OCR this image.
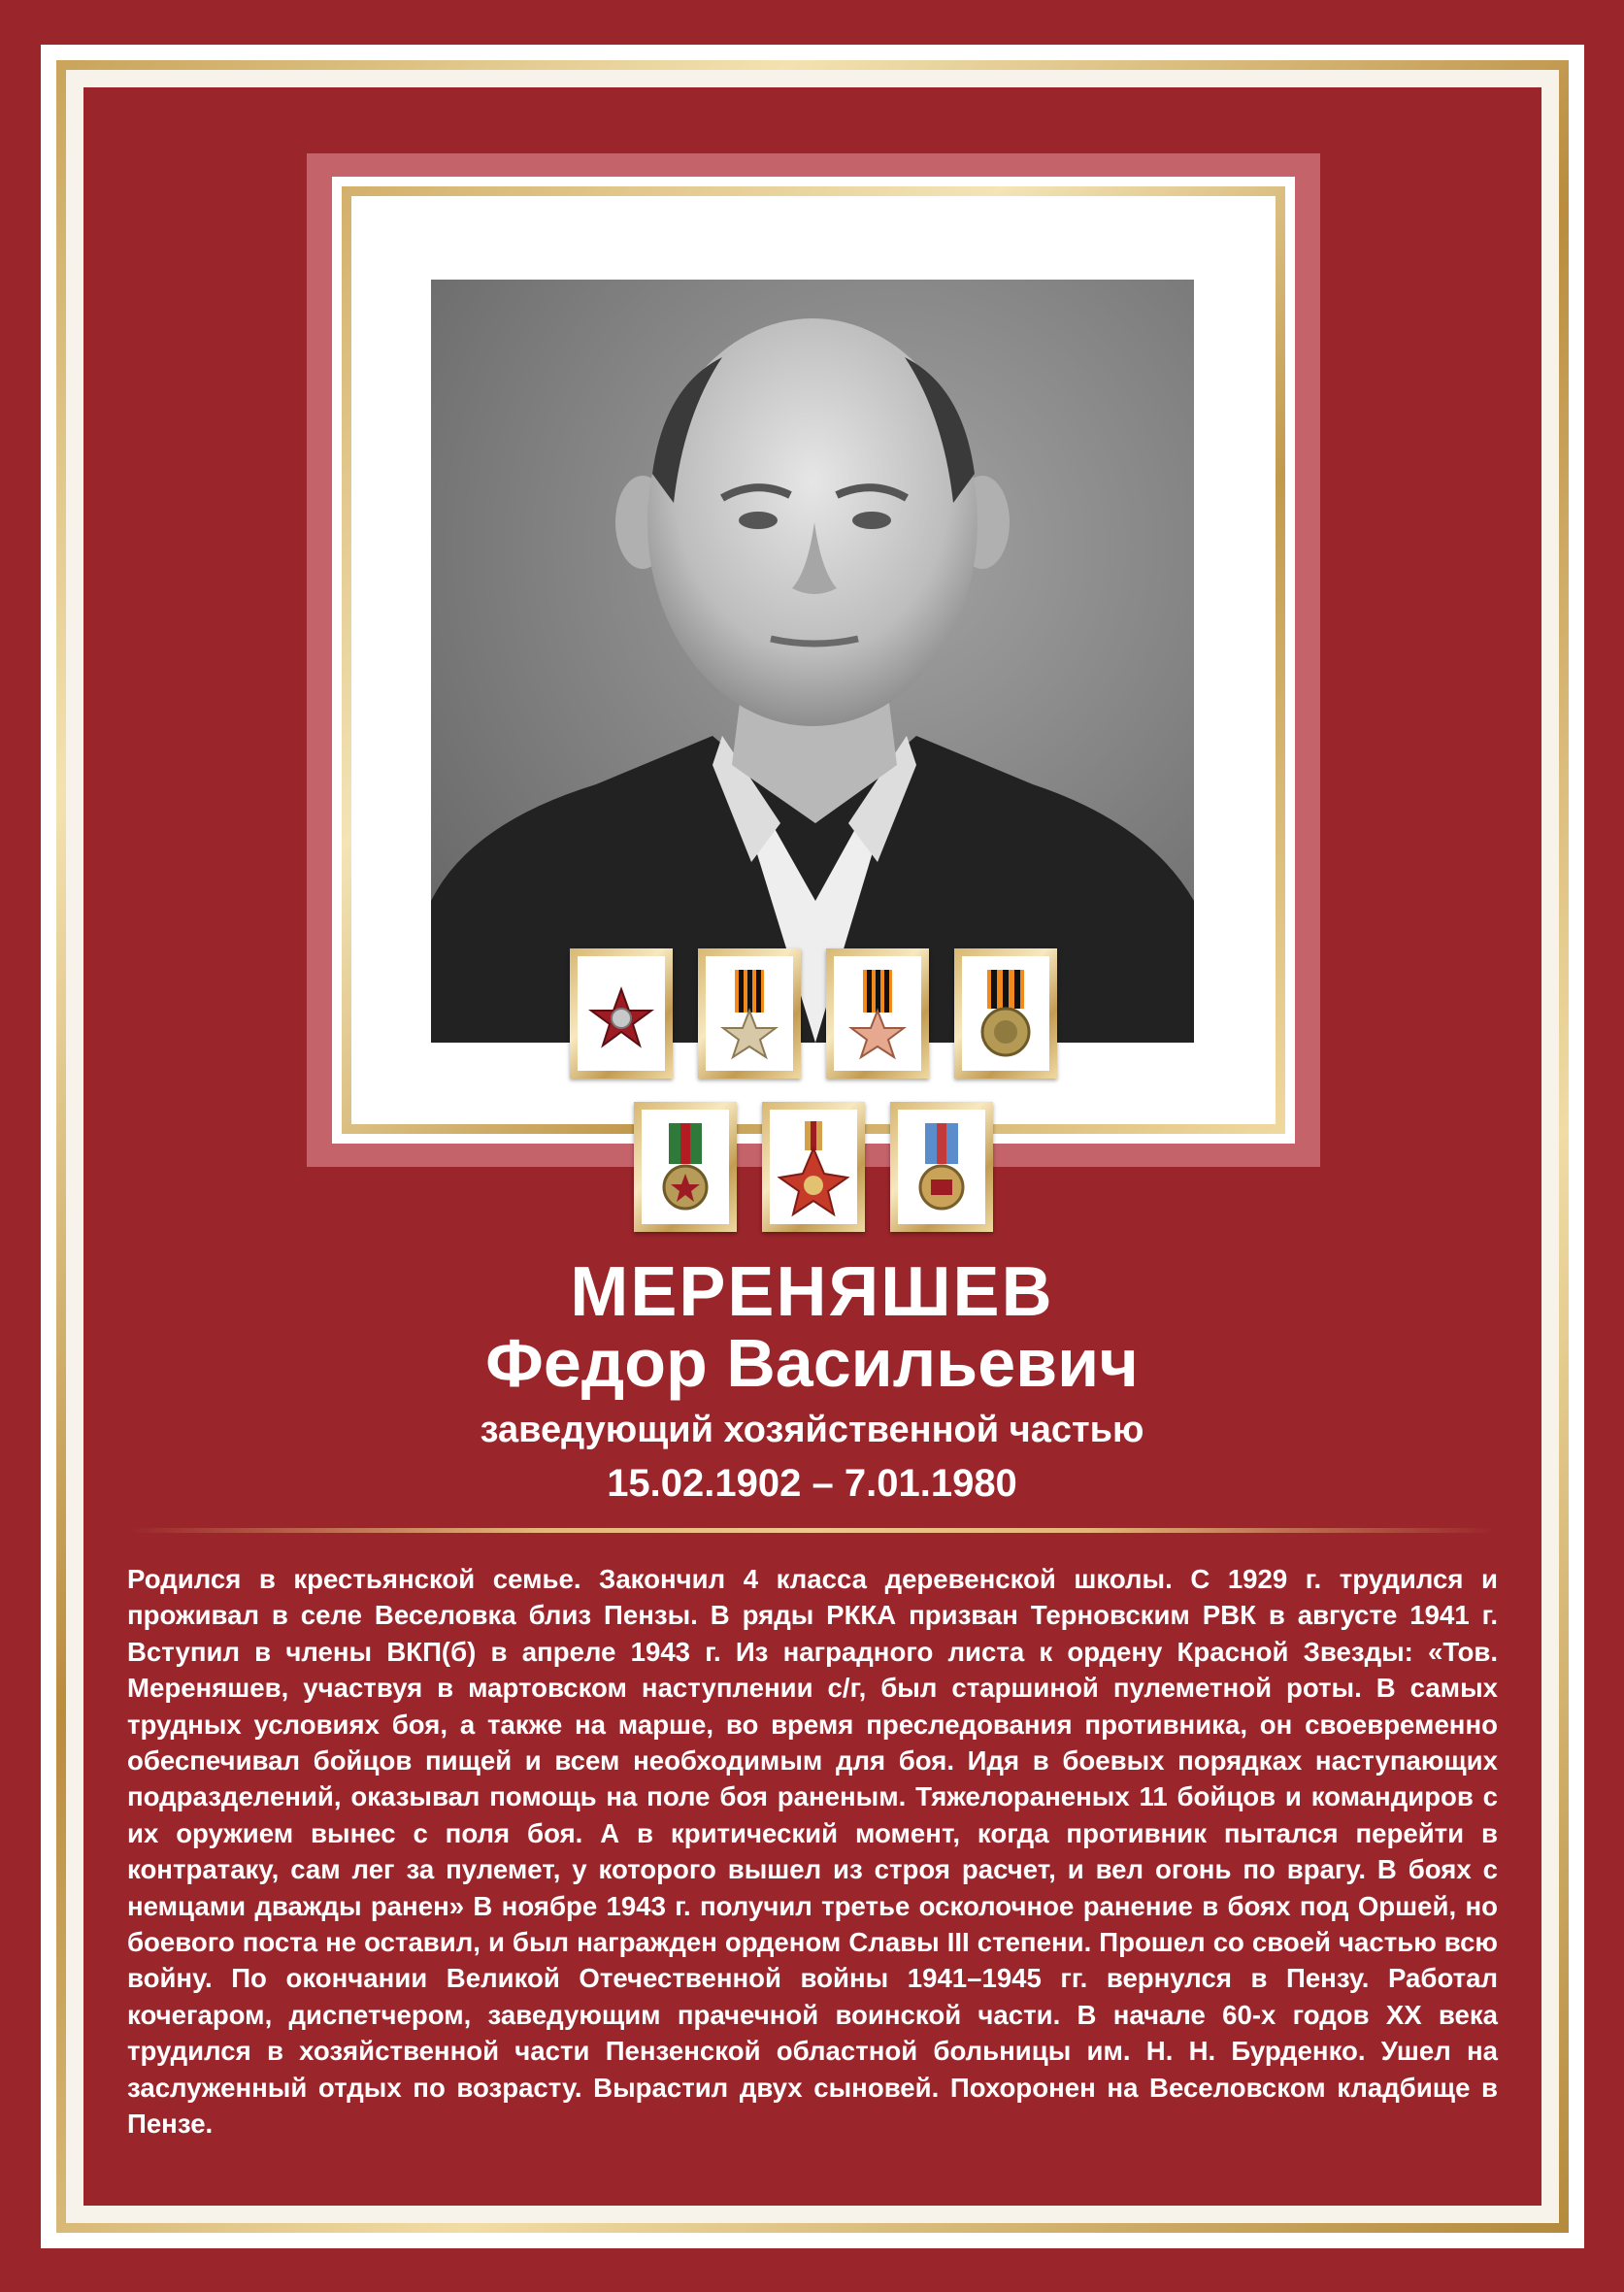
МЕРЕНЯШЕВ
Федор Васильевич
заведующий хозяйственной частью
15.02.1902 – 7.01.1980
Родился в крестьянской семье. Закончил 4 класса деревенской школы. С 1929 г. трудился и проживал в селе Веселовка близ Пензы. В ряды РККА призван Терновским РВК в августе 1941 г. Вступил в члены ВКП(б) в апреле 1943 г. Из наградного листа к ордену Красной Звезды: «Тов. Мереняшев, участвуя в мартовском наступлении с/г, был старшиной пулеметной роты. В самых трудных условиях боя, а также на марше, во время преследования противника, он своевременно обеспечивал бойцов пищей и всем необходимым для боя. Идя в боевых порядках наступающих подразделений, оказывал помощь на поле боя раненым. Тяжелораненых 11 бойцов и командиров с их оружием вынес с поля боя. А в критический момент, когда противник пытался перейти в контратаку, сам лег за пулемет, у которого вышел из строя расчет, и вел огонь по врагу. В боях с немцами дважды ранен» В ноябре 1943 г. получил третье осколочное ранение в боях под Оршей, но боевого поста не оставил, и был награжден орденом Славы III степени. Прошел со своей частью всю войну. По окончании Великой Отечественной войны 1941–1945 гг. вернулся в Пензу. Работал кочегаром, диспетчером, заведующим прачечной воинской части. В начале 60-х годов XX века трудился в хозяйственной части Пензенской областной больницы им. Н. Н. Бурденко. Ушел на заслуженный отдых по возрасту. Вырастил двух сыновей. Похоронен на Веселовском кладбище в Пензе.
